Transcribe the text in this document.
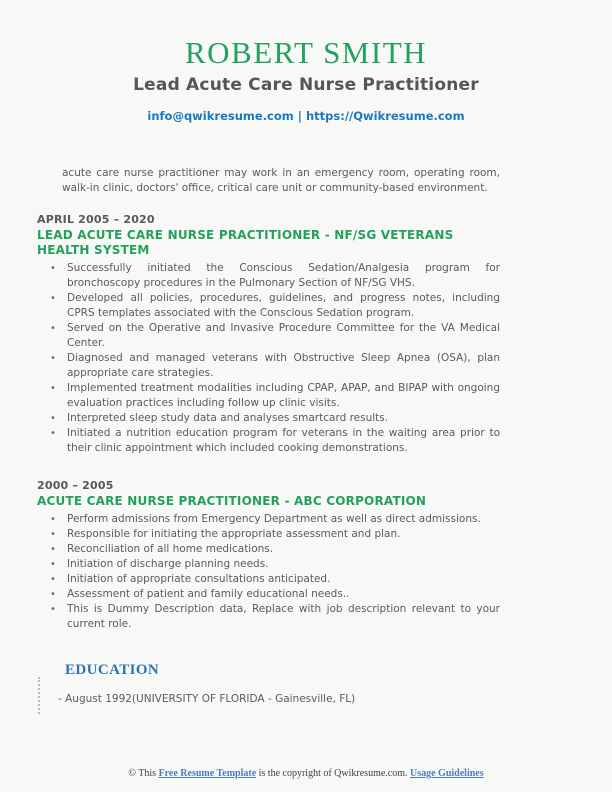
ROBERT SMITH
Lead Acute Care Nurse Practitioner
info@qwikresume.com | https://Qwikresume.com

acute care nurse practitioner may work in an emergency room, operating room, walk-in clinic, doctors' office, critical care unit or community-based environment.

APRIL 2005 – 2020
LEAD ACUTE CARE NURSE PRACTITIONER - NF/SG VETERANS HEALTH SYSTEM
• Successfully initiated the Conscious Sedation/Analgesia program for bronchoscopy procedures in the Pulmonary Section of NF/SG VHS.
• Developed all policies, procedures, guidelines, and progress notes, including CPRS templates associated with the Conscious Sedation program.
• Served on the Operative and Invasive Procedure Committee for the VA Medical Center.
• Diagnosed and managed veterans with Obstructive Sleep Apnea (OSA), plan appropriate care strategies.
• Implemented treatment modalities including CPAP, APAP, and BIPAP with ongoing evaluation practices including follow up clinic visits.
• Interpreted sleep study data and analyses smartcard results.
• Initiated a nutrition education program for veterans in the waiting area prior to their clinic appointment which included cooking demonstrations.
2000 – 2005
ACUTE CARE NURSE PRACTITIONER - ABC CORPORATION
• Perform admissions from Emergency Department as well as direct admissions.
• Responsible for initiating the appropriate assessment and plan.
• Reconciliation of all home medications.
• Initiation of discharge planning needs.
• Initiation of appropriate consultations anticipated.
• Assessment of patient and family educational needs..
• This is Dummy Description data, Replace with job description relevant to your current role.
EDUCATION
- August 1992(UNIVERSITY OF FLORIDA - Gainesville, FL)
© This Free Resume Template is the copyright of Qwikresume.com. Usage Guidelines
